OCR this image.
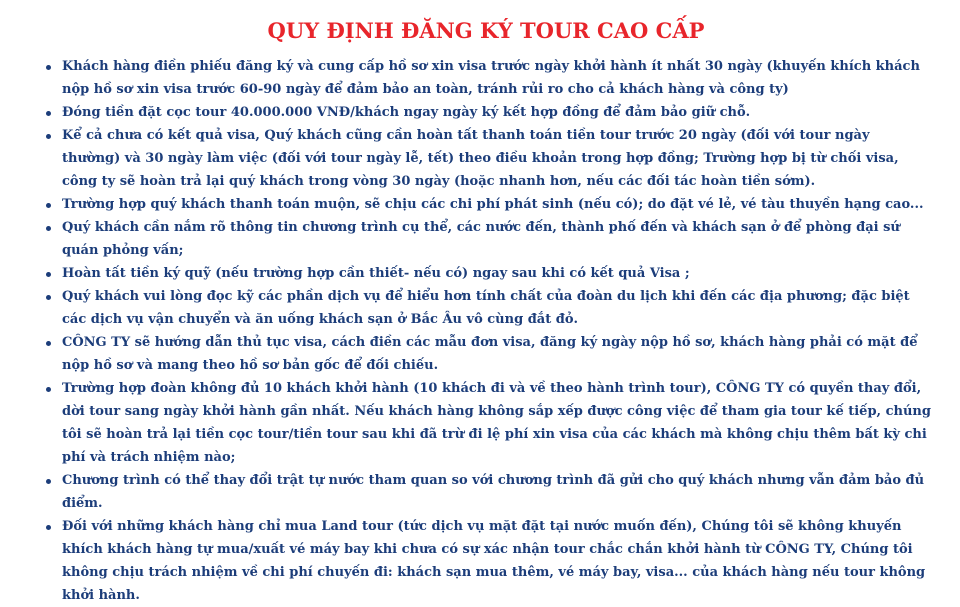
QUY ĐỊNH ĐĂNG KÝ TOUR CAO CẤP
Khách hàng điền phiếu đăng ký và cung cấp hồ sơ xin visa trước ngày khởi hành ít nhất 30 ngày (khuyến khích khách nộp hồ sơ xin visa trước 60-90 ngày để đảm bảo an toàn, tránh rủi ro cho cả khách hàng và công ty)
Đóng tiền đặt cọc tour 40.000.000 VNĐ/khách ngay ngày ký kết hợp đồng để đảm bảo giữ chỗ.
Kể cả chưa có kết quả visa, Quý khách cũng cần hoàn tất thanh toán tiền tour trước 20 ngày (đối với tour ngày thường) và 30 ngày làm việc (đối với tour ngày lễ, tết) theo điều khoản trong hợp đồng; Trường hợp bị từ chối visa, công ty sẽ hoàn trả lại quý khách trong vòng 30 ngày (hoặc nhanh hơn, nếu các đối tác hoàn tiền sớm).
Trường hợp quý khách thanh toán muộn, sẽ chịu các chi phí phát sinh (nếu có); do đặt vé lẻ, vé tàu thuyền hạng cao...
Quý khách cần nắm rõ thông tin chương trình cụ thể, các nước đến, thành phố đến và khách sạn ở để phòng đại sứ quán phỏng vấn;
Hoàn tất tiền ký quỹ (nếu trường hợp cần thiết- nếu có) ngay sau khi có kết quả Visa ;
Quý khách vui lòng đọc kỹ các phần dịch vụ để hiểu hơn tính chất của đoàn du lịch khi đến các địa phương; đặc biệt các dịch vụ vận chuyển và ăn uống khách sạn ở Bắc Âu vô cùng đắt đỏ.
CÔNG TY sẽ hướng dẫn thủ tục visa, cách điền các mẫu đơn visa, đăng ký ngày nộp hồ sơ, khách hàng phải có mặt để nộp hồ sơ và mang theo hồ sơ bản gốc để đối chiếu.
Trường hợp đoàn không đủ 10 khách khởi hành (10 khách đi và về theo hành trình tour), CÔNG TY có quyền thay đổi, dời tour sang ngày khởi hành gần nhất. Nếu khách hàng không sắp xếp được công việc để tham gia tour kế tiếp, chúng tôi sẽ hoàn trả lại tiền cọc tour/tiền tour sau khi đã trừ đi lệ phí xin visa của các khách mà không chịu thêm bất kỳ chi phí và trách nhiệm nào;
Chương trình có thể thay đổi trật tự nước tham quan so với chương trình đã gửi cho quý khách nhưng vẫn đảm bảo đủ điểm.
Đối với những khách hàng chỉ mua Land tour (tức dịch vụ mặt đặt tại nước muốn đến), Chúng tôi sẽ không khuyến khích khách hàng tự mua/xuất vé máy bay khi chưa có sự xác nhận tour chắc chắn khởi hành từ CÔNG TY, Chúng tôi không chịu trách nhiệm về chi phí chuyến đi: khách sạn mua thêm, vé máy bay, visa... của khách hàng nếu tour không khởi hành.
